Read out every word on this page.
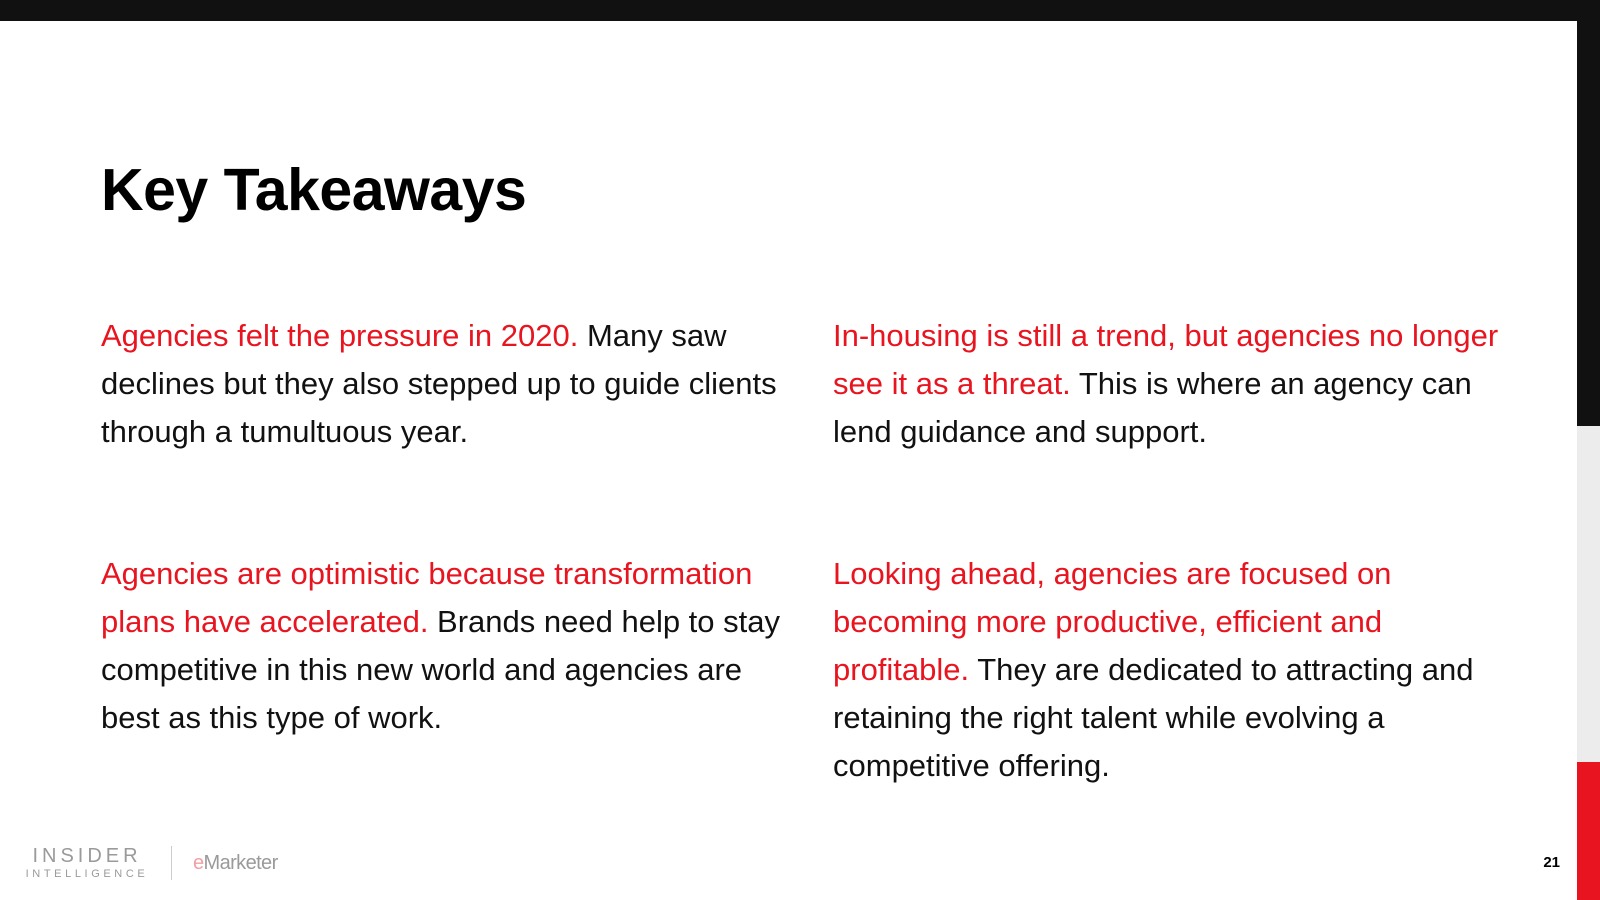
Key Takeaways

Agencies felt the pressure in 2020. Many saw declines but they also stepped up to guide clients through a tumultuous year.

In-housing is still a trend, but agencies no longer see it as a threat. This is where an agency can lend guidance and support.

Agencies are optimistic because transformation plans have accelerated. Brands need help to stay competitive in this new world and agencies are best as this type of work.

Looking ahead, agencies are focused on becoming more productive, efficient and profitable. They are dedicated to attracting and retaining the right talent while evolving a competitive offering.

INSIDER
INTELLIGENCE eMarketer	21
